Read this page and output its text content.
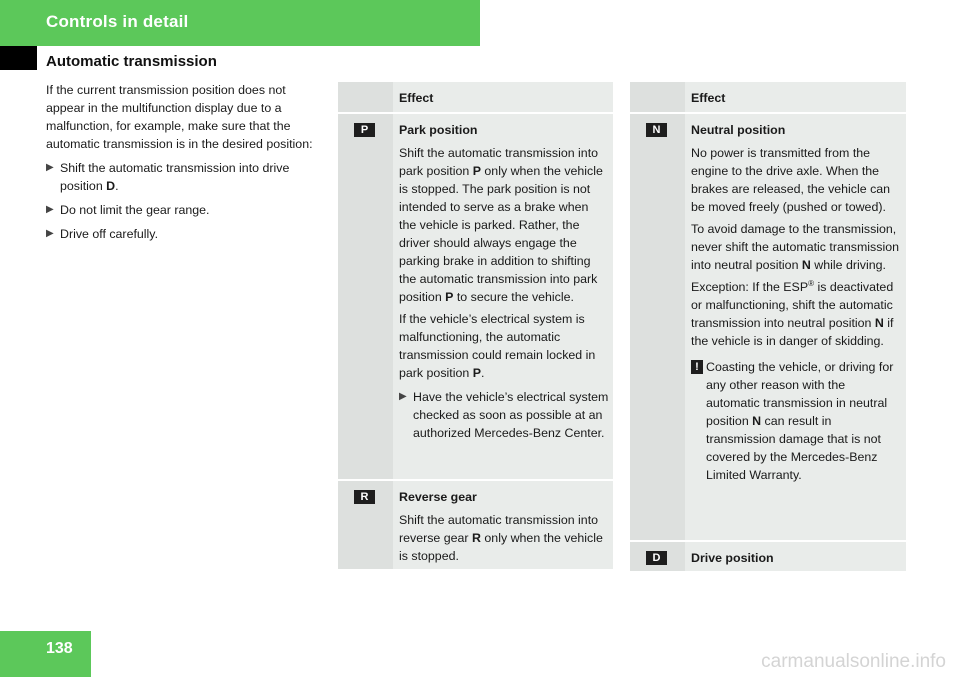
Controls in detail
Automatic transmission

If the current transmission position does not appear in the multifunction display due to a malfunction, for example, make sure that the automatic transmission is in the desired position:

▶ Shift the automatic transmission into drive position D.
▶ Do not limit the gear range.
▶ Drive off carefully.
Effect
P	Park position

Shift the automatic transmission into park position P only when the vehicle is stopped. The park position is not intended to serve as a brake when the vehicle is parked. Rather, the driver should always engage the parking brake in addition to shifting the automatic transmission into park position P to secure the vehicle.

If the vehicle’s electrical system is malfunctioning, the automatic transmission could remain locked in park position P.

▶ Have the vehicle’s electrical system checked as soon as possible at an authorized Mercedes-Benz Center.
R	Reverse gear

Shift the automatic transmission into reverse gear R only when the vehicle is stopped.

Effect
N	Neutral position

No power is transmitted from the engine to the drive axle. When the brakes are released, the vehicle can be moved freely (pushed or towed).

To avoid damage to the transmission, never shift the automatic transmission into neutral position N while driving.

Exception: If the ESP® is deactivated or malfunctioning, shift the automatic transmission into neutral position N if the vehicle is in danger of skidding.

! Coasting the vehicle, or driving for any other reason with the automatic transmission in neutral position N can result in transmission damage that is not covered by the Mercedes-Benz Limited Warranty.
D	Drive position

138
carmanualsonline.info
